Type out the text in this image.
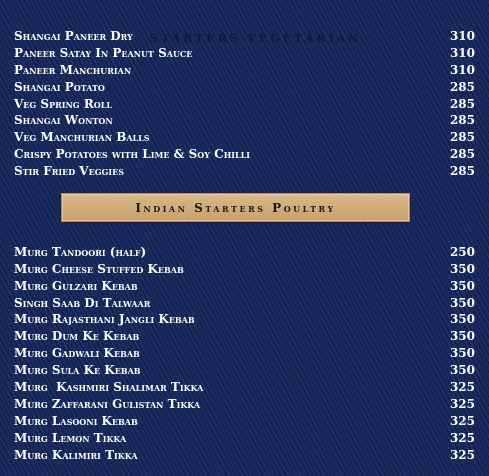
STARTERS VEGETARIAN
Shangai Paneer Dry	310
Paneer Satay In Peanut Sauce	310
Paneer Manchurian	310
Shangai Potato	285
Veg Spring Roll	285
Shangai Wonton	285
Veg Manchurian Balls	285
Crispy Potatoes with Lime & Soy Chilli	285
Stir Fried Veggies	285
Indian Starters Poultry
Murg Tandoori (half)	250
Murg Cheese Stuffed Kebab	350
Murg Gulzari Kebab	350
Singh Saab Di Talwaar	350
Murg Rajasthani Jangli Kebab	350
Murg Dum Ke Kebab	350
Murg Gadwali Kebab	350
Murg Sula Ke Kebab	350
Murg  Kashmiri Shalimar Tikka	325
Murg Zaffarani Gulistan Tikka	325
Murg Lasooni Kebab	325
Murg Lemon Tikka	325
Murg Kalimiri Tikka	325
